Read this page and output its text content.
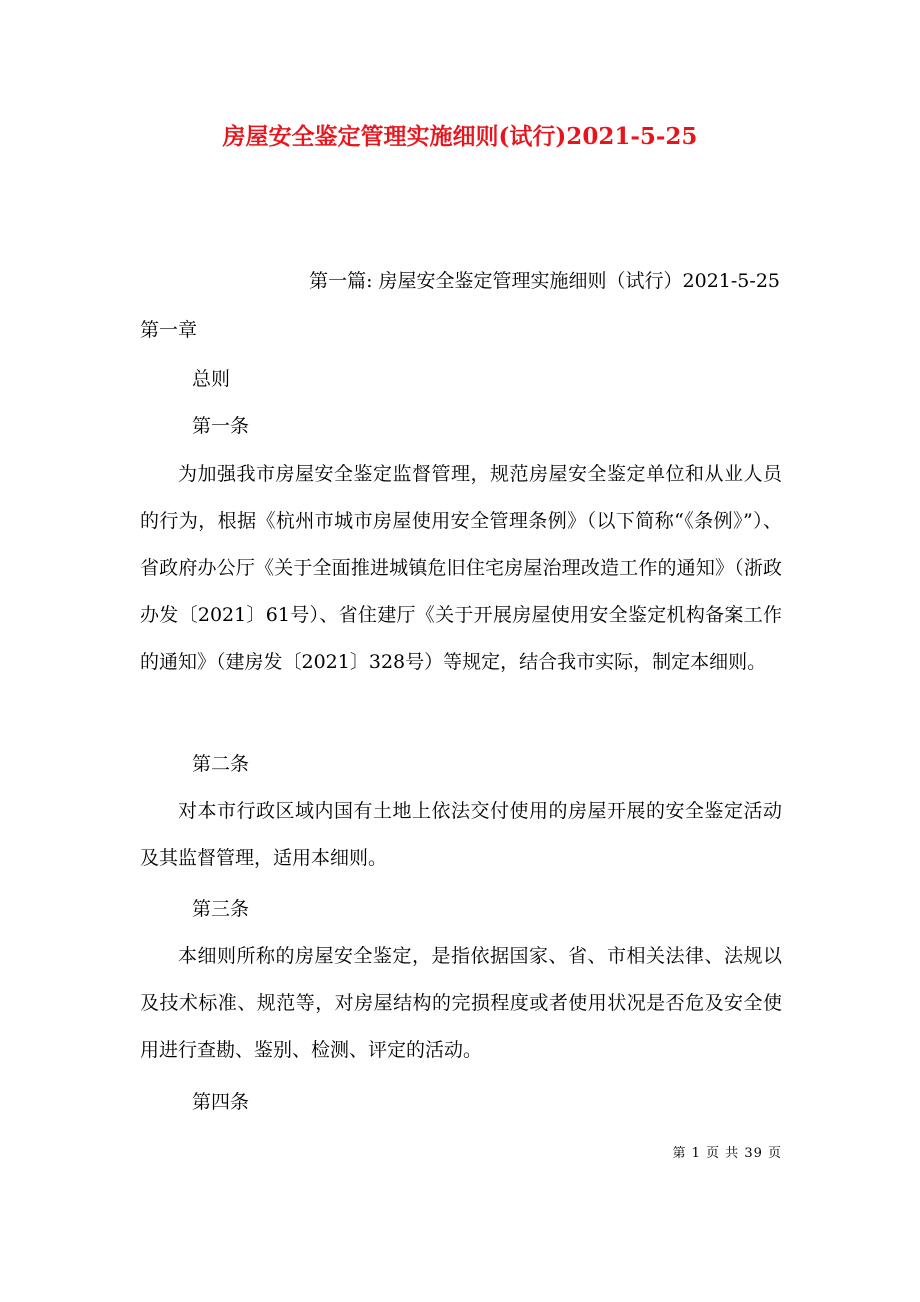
房屋安全鉴定管理实施细则(试行)2021-5-25

第一篇: 房屋安全鉴定管理实施细则（试行）2021-5-25

第一章

总则

第一条

为加强我市房屋安全鉴定监督管理，规范房屋安全鉴定单位和从业人员的行为，根据《杭州市城市房屋使用安全管理条例》（以下简称“《条例》”）、省政府办公厅《关于全面推进城镇危旧住宅房屋治理改造工作的通知》（浙政办发〔2021〕61号）、省住建厅《关于开展房屋使用安全鉴定机构备案工作的通知》（建房发〔2021〕328号）等规定，结合我市实际，制定本细则。

第二条

对本市行政区域内国有土地上依法交付使用的房屋开展的安全鉴定活动及其监督管理，适用本细则。

第三条

本细则所称的房屋安全鉴定，是指依据国家、省、市相关法律、法规以及技术标准、规范等，对房屋结构的完损程度或者使用状况是否危及安全使用进行查勘、鉴别、检测、评定的活动。

第四条

第 1 页 共 39 页
